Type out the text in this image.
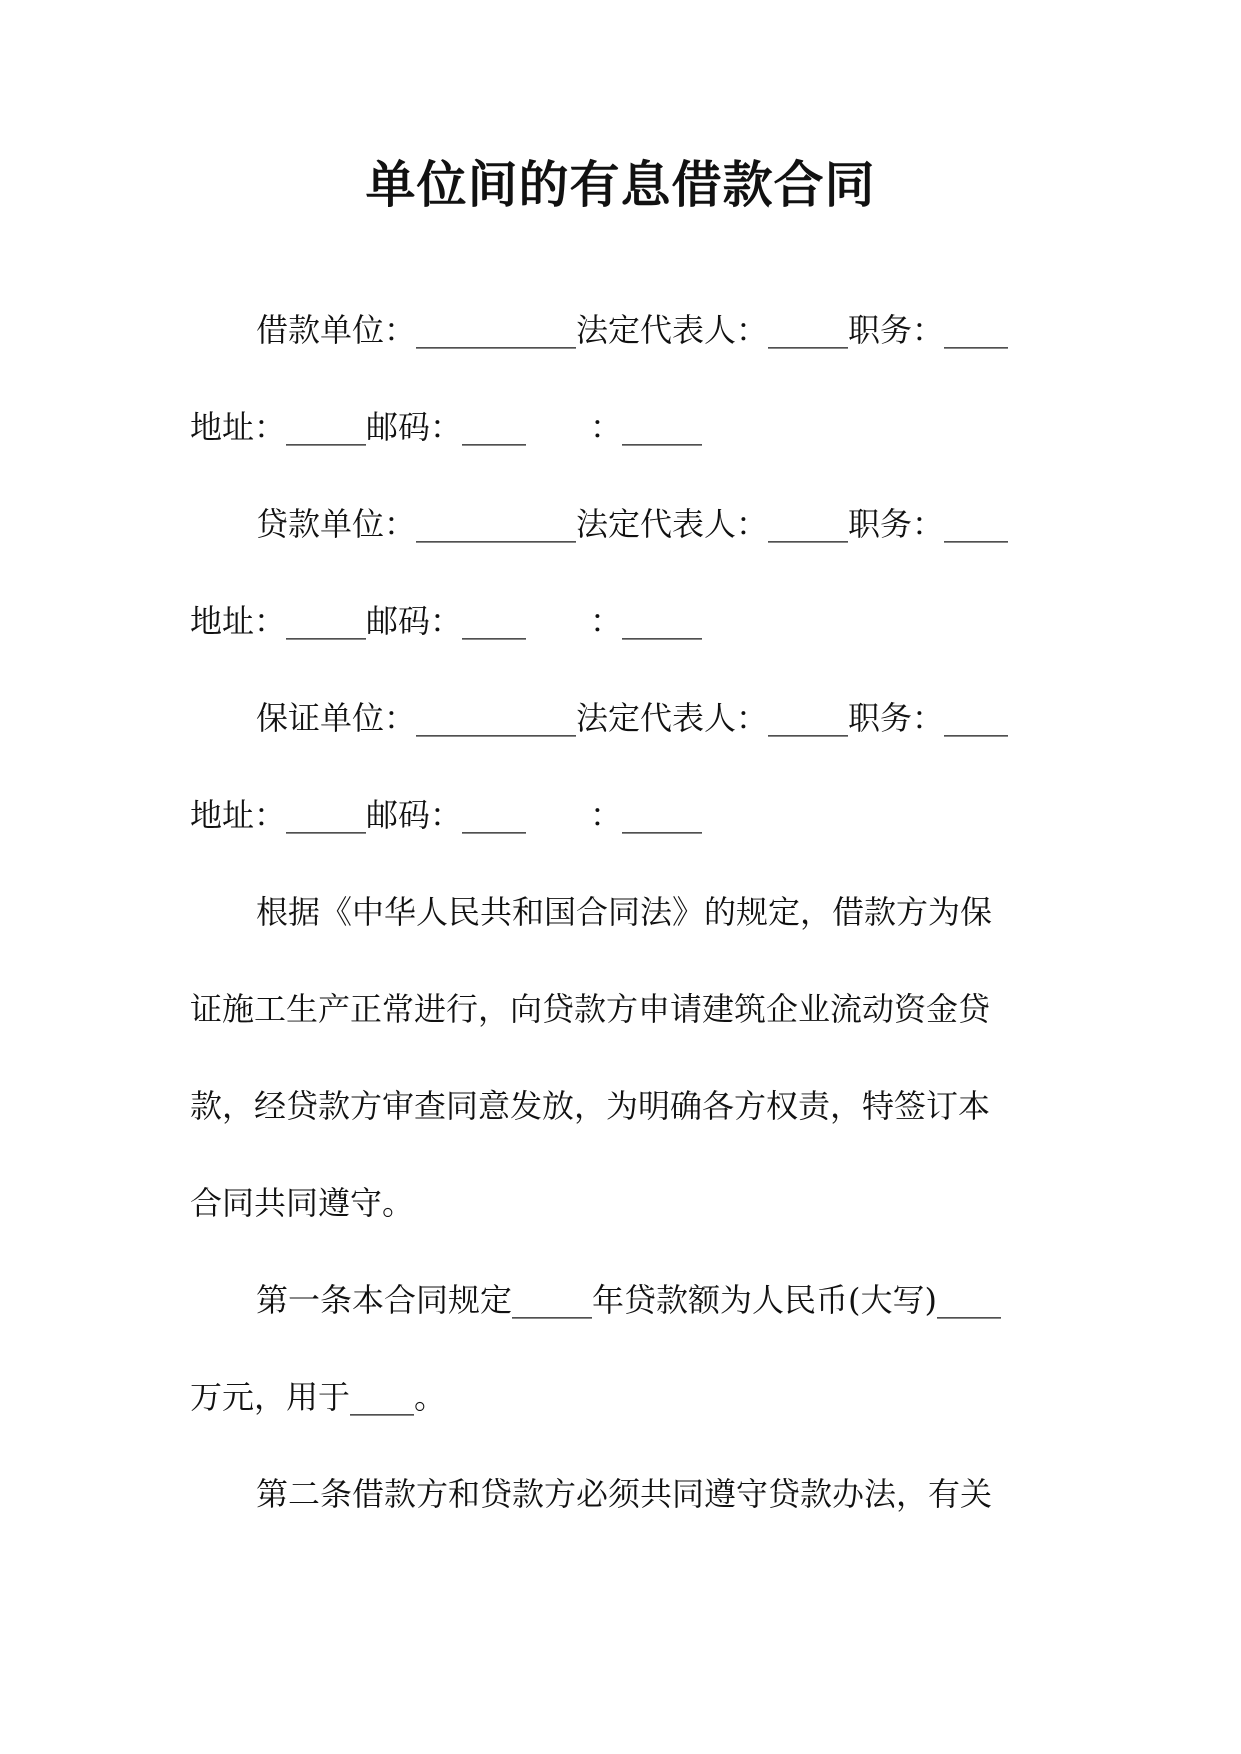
单位间的有息借款合同
借款单位：__________法定代表人：_____职务：____
地址：_____邮码：____　　：_____
贷款单位：__________法定代表人：_____职务：____
地址：_____邮码：____　　：_____
保证单位：__________法定代表人：_____职务：____
地址：_____邮码：____　　：_____
根据《中华人民共和国合同法》的规定，借款方为保
证施工生产正常进行，向贷款方申请建筑企业流动资金贷
款，经贷款方审查同意发放，为明确各方权责，特签订本
合同共同遵守。
第一条本合同规定_____年贷款额为人民币(大写)____
万元，用于____。
第二条借款方和贷款方必须共同遵守贷款办法，有关
